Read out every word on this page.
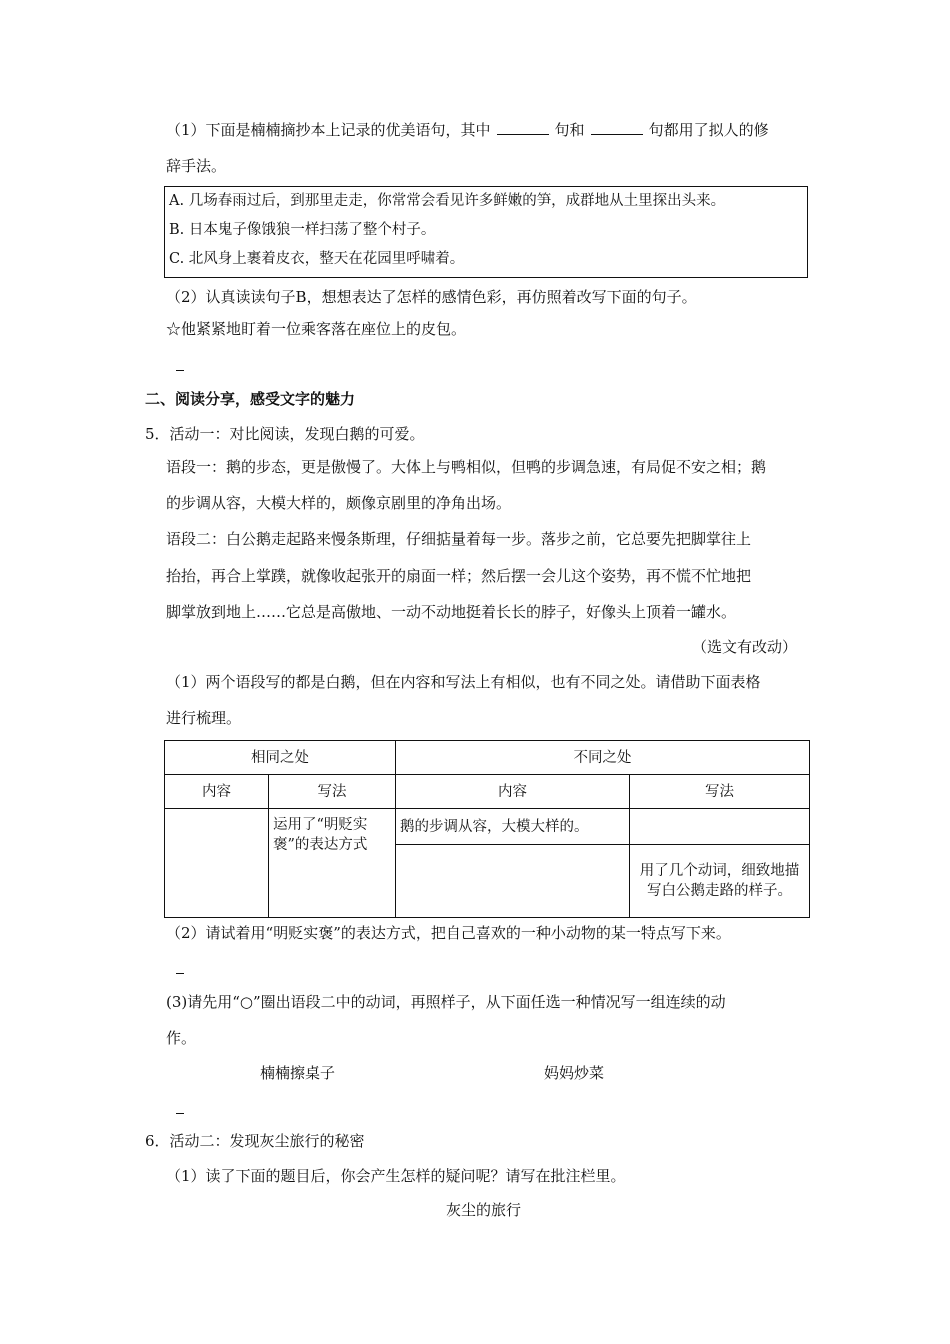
（1）下面是楠楠摘抄本上记录的优美语句，其中	句和	句都用了拟人的修
辞手法。
A. 几场春雨过后，到那里走走，你常常会看见许多鲜嫩的笋，成群地从土里探出头来。
B. 日本鬼子像饿狼一样扫荡了整个村子。
C. 北风身上裹着皮衣，整天在花园里呼啸着。
（2）认真读读句子B，想想表达了怎样的感情色彩，再仿照着改写下面的句子。
☆他紧紧地盯着一位乘客落在座位上的皮包。
二、阅读分享，感受文字的魅力
5．活动一：对比阅读，发现白鹅的可爱。
语段一：鹅的步态，更是傲慢了。大体上与鸭相似，但鸭的步调急速，有局促不安之相；鹅
的步调从容，大模大样的，颇像京剧里的净角出场。
语段二：白公鹅走起路来慢条斯理，仔细掂量着每一步。落步之前，它总要先把脚掌往上
抬抬，再合上掌蹼，就像收起张开的扇面一样；然后摆一会儿这个姿势，再不慌不忙地把
脚掌放到地上……它总是高傲地、一动不动地挺着长长的脖子，好像头上顶着一罐水。
（选文有改动）
（1）两个语段写的都是白鹅，但在内容和写法上有相似，也有不同之处。请借助下面表格
进行梳理。
相同之处		不同之处	
内容	写法	内容	写法
	运用了“明贬实褒”的表达方式	鹅的步调从容，大模大样的。	
			用了几个动词，细致地描写白公鹅走路的样子。
（2）请试着用“明贬实褒”的表达方式，把自己喜欢的一种小动物的某一特点写下来。
(3)请先用“○”圈出语段二中的动词，再照样子，从下面任选一种情况写一组连续的动
作。
楠楠擦桌子	妈妈炒菜
6．活动二：发现灰尘旅行的秘密
（1）读了下面的题目后，你会产生怎样的疑问呢？请写在批注栏里。
灰尘的旅行
